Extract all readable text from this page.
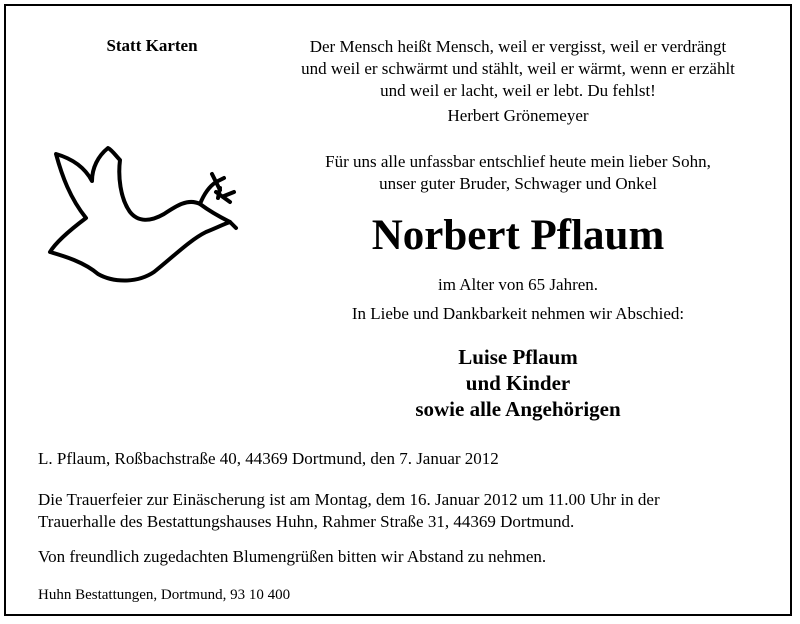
Statt Karten	Der Mensch heißt Mensch, weil er vergisst, weil er verdrängt
und weil er schwärmt und stählt, weil er wärmt, wenn er erzählt
und weil er lacht, weil er lebt. Du fehlst!
Herbert Grönemeyer
Für uns alle unfassbar entschlief heute mein lieber Sohn,
unser guter Bruder, Schwager und Onkel
Norbert Pflaum
im Alter von 65 Jahren.
In Liebe und Dankbarkeit nehmen wir Abschied:
Luise Pflaum
und Kinder
sowie alle Angehörigen
L. Pflaum, Roßbachstraße 40, 44369 Dortmund, den 7. Januar 2012
Die Trauerfeier zur Einäscherung ist am Montag, dem 16. Januar 2012 um 11.00 Uhr in der
Trauerhalle des Bestattungshauses Huhn, Rahmer Straße 31, 44369 Dortmund.
Von freundlich zugedachten Blumengrüßen bitten wir Abstand zu nehmen.
Huhn Bestattungen, Dortmund, 93 10 400
